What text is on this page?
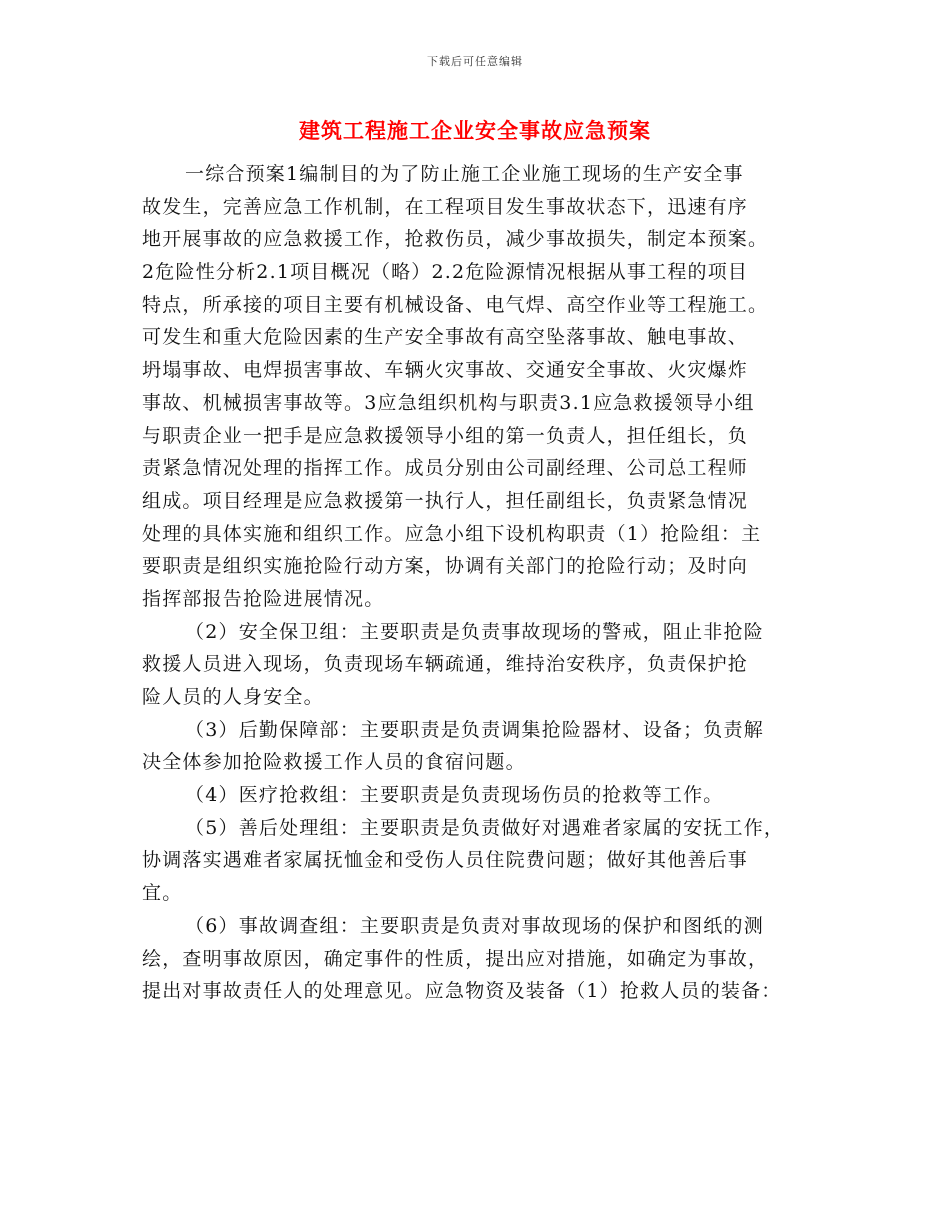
下载后可任意编辑
建筑工程施工企业安全事故应急预案
一综合预案1编制目的为了防止施工企业施工现场的生产安全事
故发生，完善应急工作机制，在工程项目发生事故状态下，迅速有序
地开展事故的应急救援工作，抢救伤员，减少事故损失，制定本预案。
2危险性分析2.1项目概况（略）2.2危险源情况根据从事工程的项目
特点，所承接的项目主要有机械设备、电气焊、高空作业等工程施工。
可发生和重大危险因素的生产安全事故有高空坠落事故、触电事故、
坍塌事故、电焊损害事故、车辆火灾事故、交通安全事故、火灾爆炸
事故、机械损害事故等。3应急组织机构与职责3.1应急救援领导小组
与职责企业一把手是应急救援领导小组的第一负责人，担任组长，负
责紧急情况处理的指挥工作。成员分别由公司副经理、公司总工程师
组成。项目经理是应急救援第一执行人，担任副组长，负责紧急情况
处理的具体实施和组织工作。应急小组下设机构职责（1）抢险组：主
要职责是组织实施抢险行动方案，协调有关部门的抢险行动；及时向
指挥部报告抢险进展情况。
（2）安全保卫组：主要职责是负责事故现场的警戒，阻止非抢险
救援人员进入现场，负责现场车辆疏通，维持治安秩序，负责保护抢
险人员的人身安全。
（3）后勤保障部：主要职责是负责调集抢险器材、设备；负责解
决全体参加抢险救援工作人员的食宿问题。
（4）医疗抢救组：主要职责是负责现场伤员的抢救等工作。
（5）善后处理组：主要职责是负责做好对遇难者家属的安抚工作，
协调落实遇难者家属抚恤金和受伤人员住院费问题；做好其他善后事
宜。
（6）事故调查组：主要职责是负责对事故现场的保护和图纸的测
绘，查明事故原因，确定事件的性质，提出应对措施，如确定为事故，
提出对事故责任人的处理意见。应急物资及装备（1）抢救人员的装备：
